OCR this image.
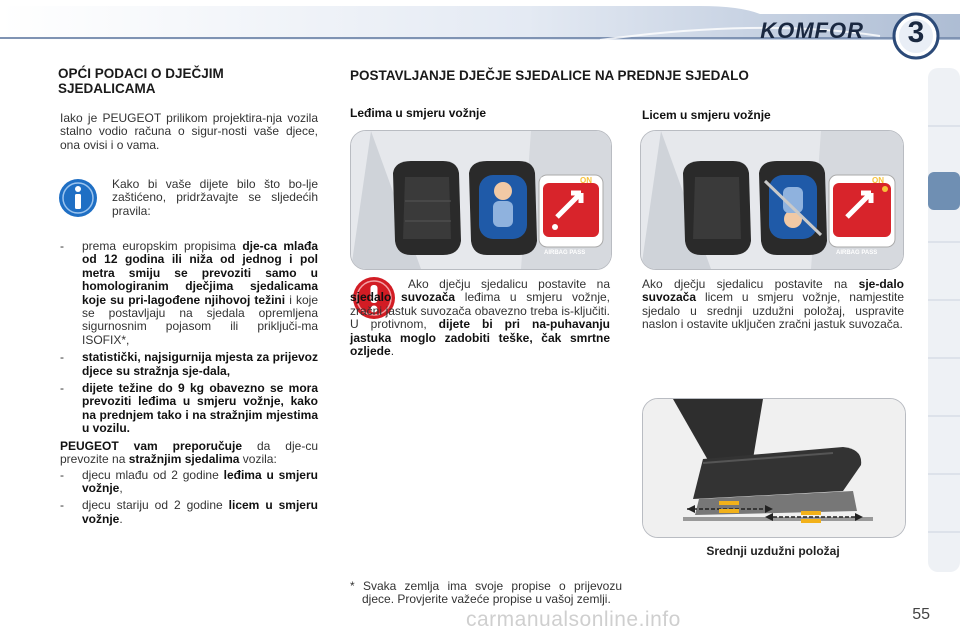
KOMFOR	3
OPĆI PODACI O DJEČJIM SJEDALICAMA
Iako je PEUGEOT prilikom projektira-nja vozila stalno vodio računa o sigur-nosti vaše djece, ona ovisi i o vama.
Kako bi vaše dijete bilo što bo-lje zaštićeno, pridržavajte se sljedećih pravila:

- prema europskim propisima dje-ca mlađa od 12 godina ili niža od jednog i pol metra smiju se prevoziti samo u homologiranim dječjima sjedalicama koje su pri-lagođene njihovoj težini i koje se postavljaju na sjedala opremljena sigurnosnim pojasom ili priključi-ma ISOFIX*,

- statistički, najsigurnija mjesta za prijevoz djece su stražnja sje-dala,

- dijete težine do 9 kg obavezno se mora prevoziti leđima u smjeru vožnje, kako na prednjem tako i na stražnjim mjestima u vozilu.

PEUGEOT vam preporučuje da dje-cu prevozite na stražnjim sjedalima vozila:

- djecu mlađu od 2 godine leđima u smjeru vožnje,

- djecu stariju od 2 godine licem u smjeru vožnje.

POSTAVLJANJE DJEČJE SJEDALICE NA PREDNJE SJEDALO
Leđima u smjeru vožnje	Licem u smjeru vožnje
OFF	ON
AIRBAG PASS
OFF	ON
AIRBAG PASS
Ako dječju sjedalicu postavite na sjedalo suvozača leđima u smjeru vožnje, zračni jastuk suvozača obavezno treba is-ključiti. U protivnom, dijete bi pri na-puhavanju jastuka moglo zadobiti teške, čak smrtne ozljede.
Ako dječju sjedalicu postavite na sje-dalo suvozača licem u smjeru vožnje, namjestite sjedalo u srednji uzdužni položaj, uspravite naslon i ostavite uključen zračni jastuk suvozača.
Srednji uzdužni položaj
* Svaka zemlja ima svoje propise o prijevozu djece. Provjerite važeće propise u vašoj zemlji.
carmanualsonline.info	55
